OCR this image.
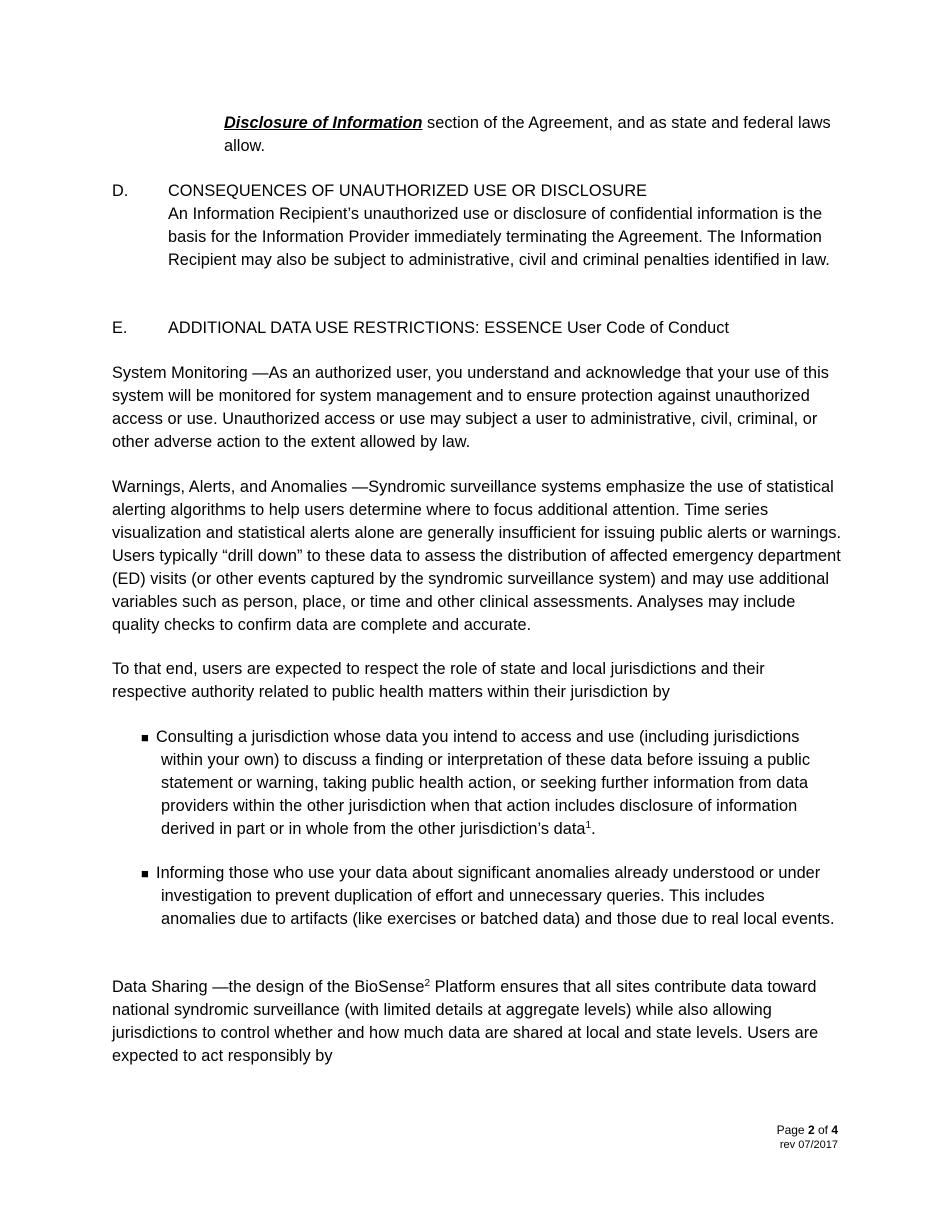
Disclosure of Information section of the Agreement, and as state and federal laws allow.
D. CONSEQUENCES OF UNAUTHORIZED USE OR DISCLOSURE
An Information Recipient’s unauthorized use or disclosure of confidential information is the basis for the Information Provider immediately terminating the Agreement. The Information Recipient may also be subject to administrative, civil and criminal penalties identified in law.
E. ADDITIONAL DATA USE RESTRICTIONS: ESSENCE User Code of Conduct
System Monitoring —As an authorized user, you understand and acknowledge that your use of this system will be monitored for system management and to ensure protection against unauthorized access or use. Unauthorized access or use may subject a user to administrative, civil, criminal, or other adverse action to the extent allowed by law.
Warnings, Alerts, and Anomalies —Syndromic surveillance systems emphasize the use of statistical alerting algorithms to help users determine where to focus additional attention. Time series visualization and statistical alerts alone are generally insufficient for issuing public alerts or warnings. Users typically “drill down” to these data to assess the distribution of affected emergency department (ED) visits (or other events captured by the syndromic surveillance system) and may use additional variables such as person, place, or time and other clinical assessments. Analyses may include quality checks to confirm data are complete and accurate.
To that end, users are expected to respect the role of state and local jurisdictions and their respective authority related to public health matters within their jurisdiction by
■ Consulting a jurisdiction whose data you intend to access and use (including jurisdictions within your own) to discuss a finding or interpretation of these data before issuing a public statement or warning, taking public health action, or seeking further information from data providers within the other jurisdiction when that action includes disclosure of information derived in part or in whole from the other jurisdiction’s data$^1$.
■ Informing those who use your data about significant anomalies already understood or under investigation to prevent duplication of effort and unnecessary queries. This includes anomalies due to artifacts (like exercises or batched data) and those due to real local events.
Data Sharing —the design of the BioSense$^2$ Platform ensures that all sites contribute data toward national syndromic surveillance (with limited details at aggregate levels) while also allowing jurisdictions to control whether and how much data are shared at local and state levels. Users are expected to act responsibly by
Page 2 of 4
rev 07/2017
